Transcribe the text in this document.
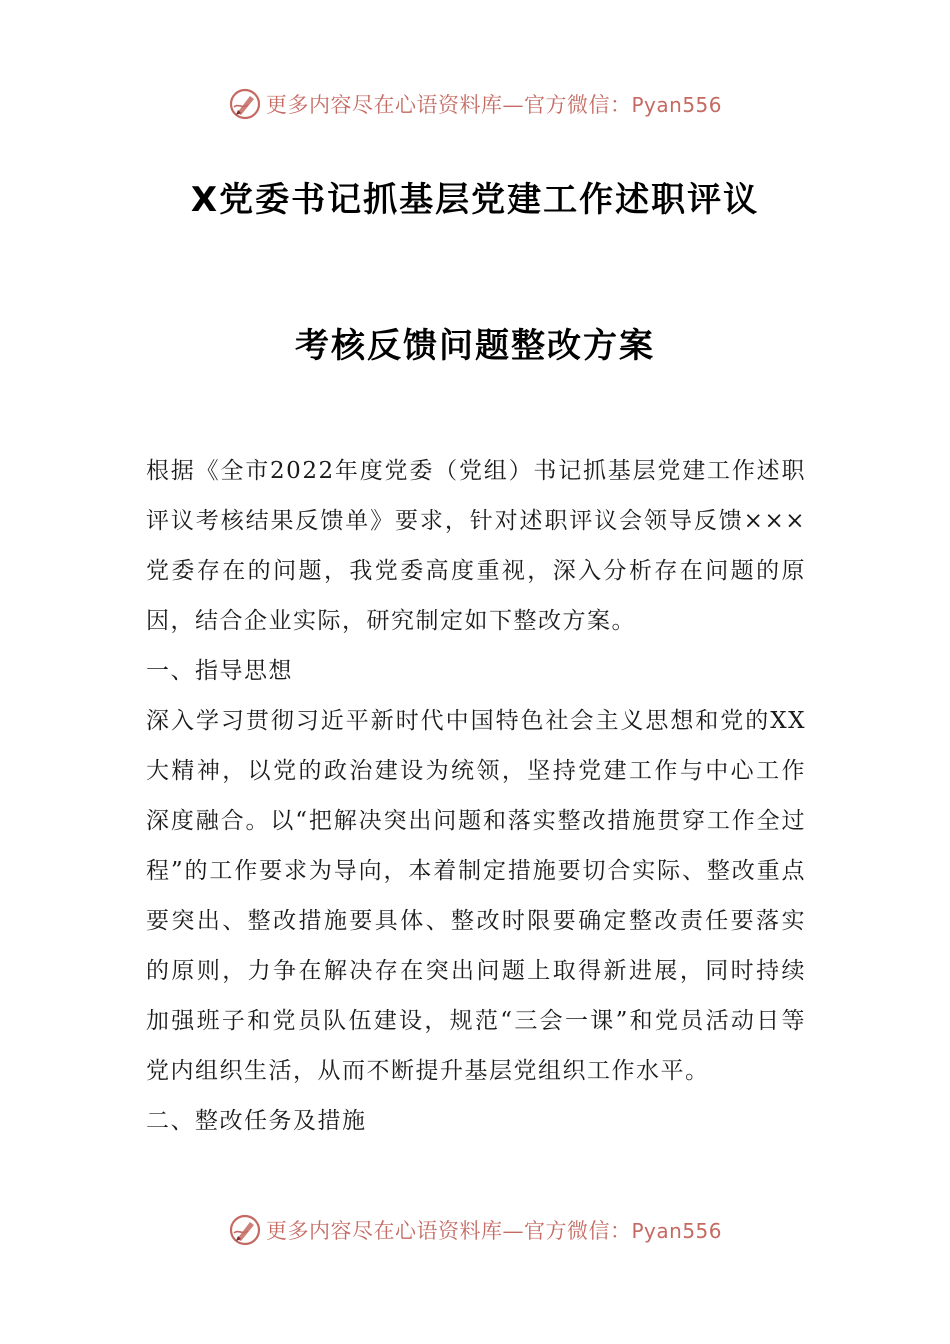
更多内容尽在心语资料库—官方微信：Pyan556
X党委书记抓基层党建工作述职评议
考核反馈问题整改方案

根据《全市2022年度党委（党组）书记抓基层党建工作述职评议考核结果反馈单》要求，针对述职评议会领导反馈×××党委存在的问题，我党委高度重视，深入分析存在问题的原因，结合企业实际，研究制定如下整改方案。

一、指导思想

深入学习贯彻习近平新时代中国特色社会主义思想和党的XX大精神，以党的政治建设为统领，坚持党建工作与中心工作深度融合。以“把解决突出问题和落实整改措施贯穿工作全过程”的工作要求为导向，本着制定措施要切合实际、整改重点要突出、整改措施要具体、整改时限要确定整改责任要落实的原则，力争在解决存在突出问题上取得新进展，同时持续加强班子和党员队伍建设，规范“三会一课”和党员活动日等党内组织生活，从而不断提升基层党组织工作水平。

二、整改任务及措施

更多内容尽在心语资料库—官方微信：Pyan556
